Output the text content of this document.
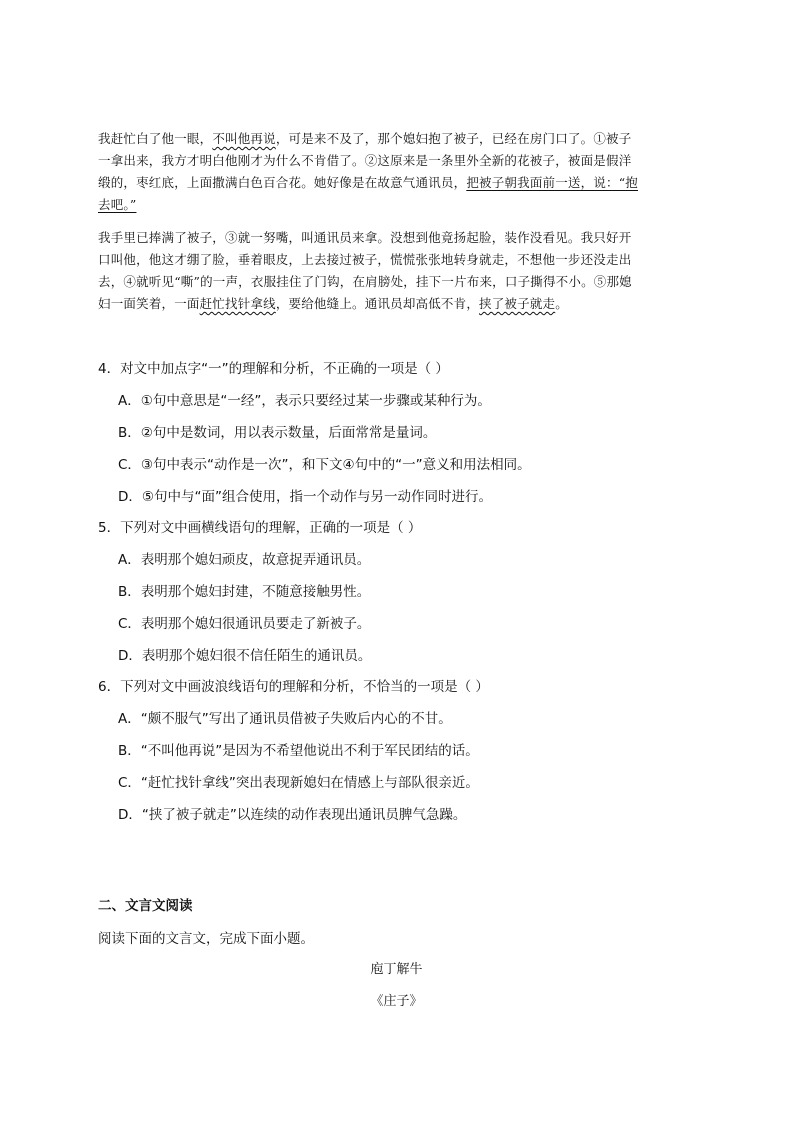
我赶忙白了他一眼，不叫他再说，可是来不及了，那个媳妇抱了被子，已经在房门口了。①被子
一拿出来，我方才明白他刚才为什么不肯借了。②这原来是一条里外全新的花被子，被面是假洋
缎的，枣红底，上面撒满白色百合花。她好像是在故意气通讯员，把被子朝我面前一送，说：“抱
去吧。”
我手里已捧满了被子，③就一努嘴，叫通讯员来拿。没想到他竟扬起脸，装作没看见。我只好开
口叫他，他这才绷了脸，垂着眼皮，上去接过被子，慌慌张张地转身就走，不想他一步还没走出
去，④就听见“嘶”的一声，衣服挂住了门钩，在肩膀处，挂下一片布来，口子撕得不小。⑤那媳
妇一面笑着，一面赶忙找针拿线，要给他缝上。通讯员却高低不肯，挟了被子就走。
4．对文中加点字“一”的理解和分析，不正确的一项是（ ）
A．①句中意思是“一经”，表示只要经过某一步骤或某种行为。
B．②句中是数词，用以表示数量，后面常常是量词。
C．③句中表示“动作是一次”，和下文④句中的“一”意义和用法相同。
D．⑤句中与“面”组合使用，指一个动作与另一动作同时进行。
5．下列对文中画横线语句的理解，正确的一项是（ ）
A．表明那个媳妇顽皮，故意捉弄通讯员。
B．表明那个媳妇封建，不随意接触男性。
C．表明那个媳妇很通讯员要走了新被子。
D．表明那个媳妇很不信任陌生的通讯员。
6．下列对文中画波浪线语句的理解和分析，不恰当的一项是（ ）
A．“颇不服气”写出了通讯员借被子失败后内心的不甘。
B．“不叫他再说”是因为不希望他说出不利于军民团结的话。
C．“赶忙找针拿线”突出表现新媳妇在情感上与部队很亲近。
D．“挟了被子就走”以连续的动作表现出通讯员脾气急躁。
二、文言文阅读
阅读下面的文言文，完成下面小题。
庖丁解牛
《庄子》
